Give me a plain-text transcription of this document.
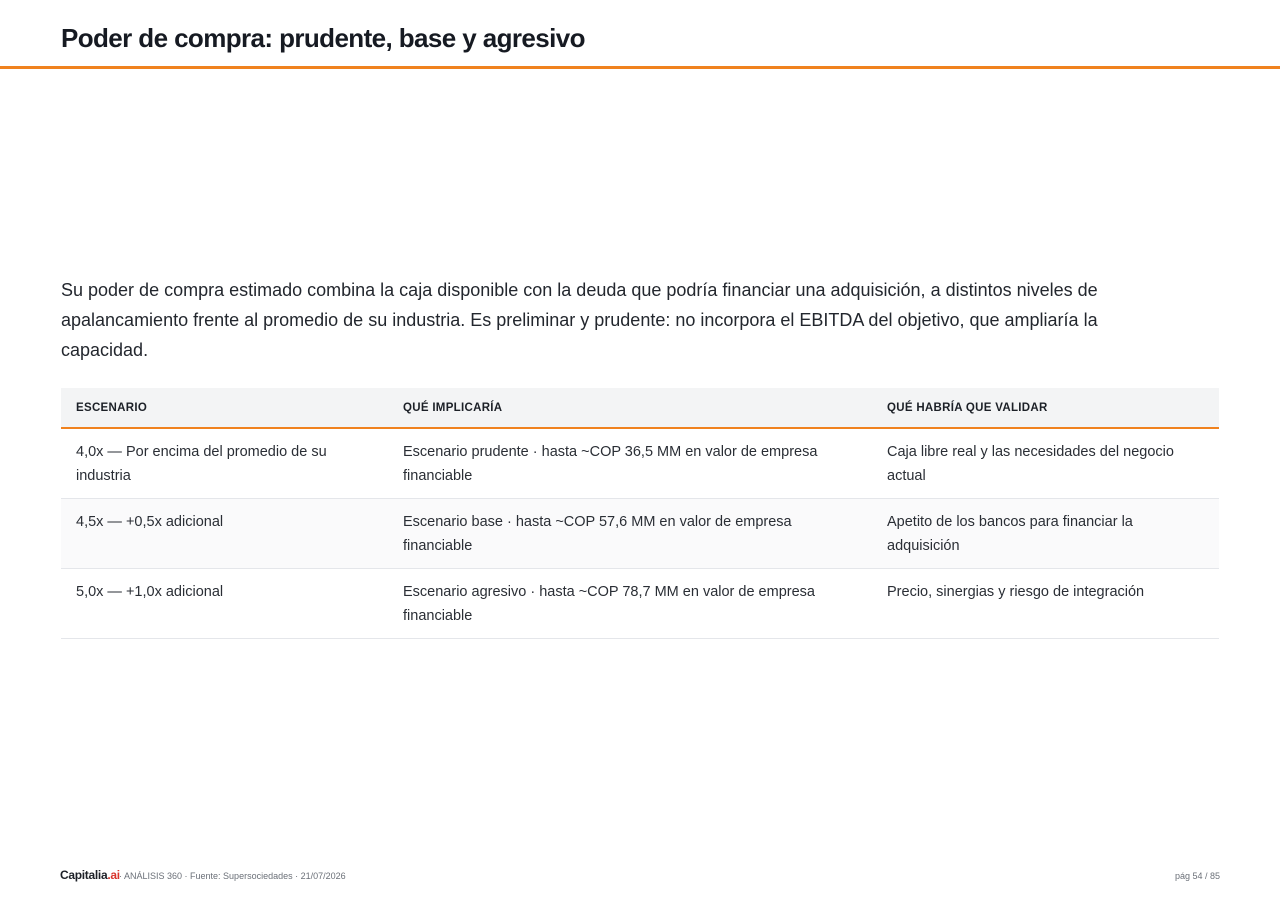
Poder de compra: prudente, base y agresivo

Su poder de compra estimado combina la caja disponible con la deuda que podría financiar una adquisición, a distintos niveles de apalancamiento frente al promedio de su industria. Es preliminar y prudente: no incorpora el EBITDA del objetivo, que ampliaría la capacidad.

ESCENARIO	QUÉ IMPLICARÍA	QUÉ HABRÍA QUE VALIDAR
4,0x — Por encima del promedio de su industria	Escenario prudente · hasta ~COP 36,5 MM en valor de empresa financiable	Caja libre real y las necesidades del negocio actual
4,5x — +0,5x adicional	Escenario base · hasta ~COP 57,6 MM en valor de empresa financiable	Apetito de los bancos para financiar la adquisición
5,0x — +1,0x adicional	Escenario agresivo · hasta ~COP 78,7 MM en valor de empresa financiable	Precio, sinergias y riesgo de integración
Capitalia.ai · ANÁLISIS 360 · Fuente: Supersociedades · 21/07/2026	pág 54 / 85
